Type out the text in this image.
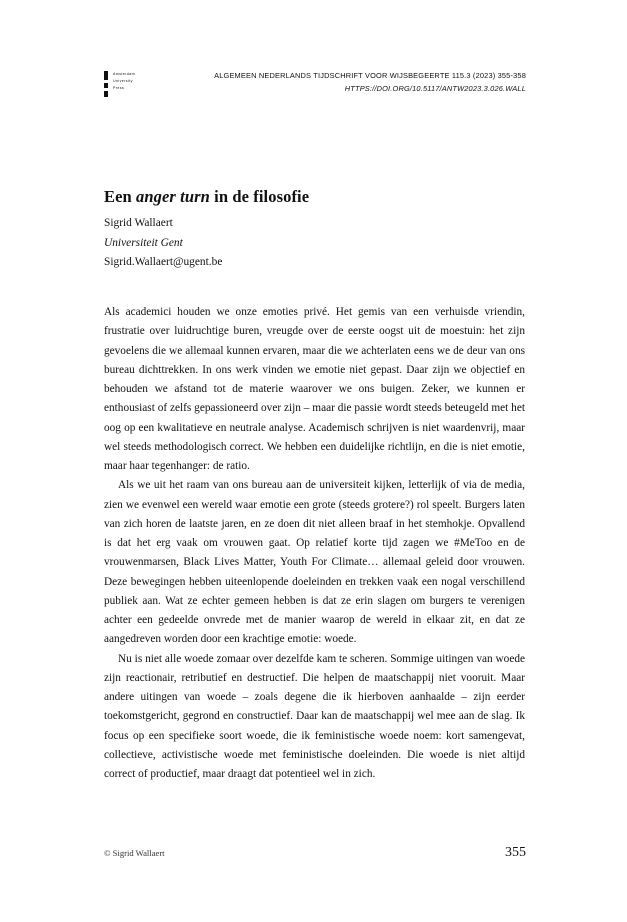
Amsterdam
University
Press
ALGEMEEN NEDERLANDS TIJDSCHRIFT VOOR WIJSBEGEERTE 115.3 (2023) 355-358
HTTPS://DOI.ORG/10.5117/ANTW2023.3.026.WALL
Een anger turn in de filosofie
Sigrid Wallaert
Universiteit Gent
Sigrid.Wallaert@ugent.be

Als academici houden we onze emoties privé. Het gemis van een verhuisde vriendin, frustratie over luidruchtige buren, vreugde over de eerste oogst uit de moestuin: het zijn gevoelens die we allemaal kunnen ervaren, maar die we achterlaten eens we de deur van ons bureau dichttrekken. In ons werk vinden we emotie niet gepast. Daar zijn we objectief en behouden we afstand tot de materie waarover we ons buigen. Zeker, we kunnen er enthousiast of zelfs gepassioneerd over zijn – maar die passie wordt steeds beteugeld met het oog op een kwalitatieve en neutrale analyse. Academisch schrijven is niet waardenvrij, maar wel steeds methodologisch correct. We hebben een duidelijke richtlijn, en die is niet emotie, maar haar tegenhanger: de ratio.

Als we uit het raam van ons bureau aan de universiteit kijken, letterlijk of via de media, zien we evenwel een wereld waar emotie een grote (steeds grotere?) rol speelt. Burgers laten van zich horen de laatste jaren, en ze doen dit niet alleen braaf in het stemhokje. Opvallend is dat het erg vaak om vrouwen gaat. Op relatief korte tijd zagen we #MeToo en de vrouwenmarsen, Black Lives Matter, Youth For Climate… allemaal geleid door vrouwen. Deze bewegingen hebben uiteenlopende doeleinden en trekken vaak een nogal verschillend publiek aan. Wat ze echter gemeen hebben is dat ze erin slagen om burgers te verenigen achter een gedeelde onvrede met de manier waarop de wereld in elkaar zit, en dat ze aangedreven worden door een krachtige emotie: woede.

Nu is niet alle woede zomaar over dezelfde kam te scheren. Sommige uitingen van woede zijn reactionair, retributief en destructief. Die helpen de maatschappij niet vooruit. Maar andere uitingen van woede – zoals degene die ik hierboven aanhaalde – zijn eerder toekomstgericht, gegrond en constructief. Daar kan de maatschappij wel mee aan de slag. Ik focus op een specifieke soort woede, die ik feministische woede noem: kort samengevat, collectieve, activistische woede met feministische doeleinden. Die woede is niet altijd correct of productief, maar draagt dat potentieel wel in zich.

© Sigrid Wallaert	355
